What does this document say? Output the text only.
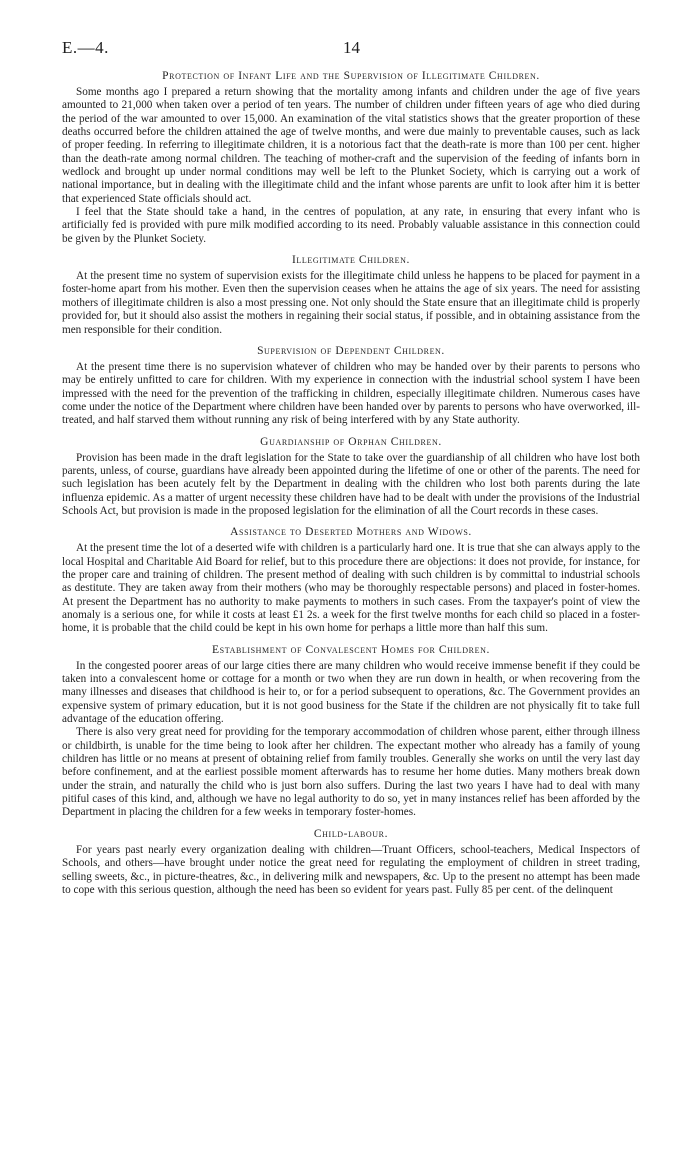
E.—4.	14
Protection of Infant Life and the Supervision of Illegitimate Children.

Some months ago I prepared a return showing that the mortality among infants and children under the age of five years amounted to 21,000 when taken over a period of ten years. The number of children under fifteen years of age who died during the period of the war amounted to over 15,000. An examination of the vital statistics shows that the greater proportion of these deaths occurred before the children attained the age of twelve months, and were due mainly to preventable causes, such as lack of proper feeding. In referring to illegitimate children, it is a notorious fact that the death-rate is more than 100 per cent. higher than the death-rate among normal children. The teaching of mother-craft and the supervision of the feeding of infants born in wedlock and brought up under normal conditions may well be left to the Plunket Society, which is carrying out a work of national importance, but in dealing with the illegitimate child and the infant whose parents are unfit to look after him it is better that experienced State officials should act.

I feel that the State should take a hand, in the centres of population, at any rate, in ensuring that every infant who is artificially fed is provided with pure milk modified according to its need. Probably valuable assistance in this connection could be given by the Plunket Society.

Illegitimate Children.

At the present time no system of supervision exists for the illegitimate child unless he happens to be placed for payment in a foster-home apart from his mother. Even then the supervision ceases when he attains the age of six years. The need for assisting mothers of illegitimate children is also a most pressing one. Not only should the State ensure that an illegitimate child is properly provided for, but it should also assist the mothers in regaining their social status, if possible, and in obtaining assistance from the men responsible for their condition.

Supervision of Dependent Children.

At the present time there is no supervision whatever of children who may be handed over by their parents to persons who may be entirely unfitted to care for children. With my experience in connection with the industrial school system I have been impressed with the need for the prevention of the trafficking in children, especially illegitimate children. Numerous cases have come under the notice of the Department where children have been handed over by parents to persons who have overworked, ill-treated, and half starved them without running any risk of being interfered with by any State authority.

Guardianship of Orphan Children.

Provision has been made in the draft legislation for the State to take over the guardianship of all children who have lost both parents, unless, of course, guardians have already been appointed during the lifetime of one or other of the parents. The need for such legislation has been acutely felt by the Department in dealing with the children who lost both parents during the late influenza epidemic. As a matter of urgent necessity these children have had to be dealt with under the provisions of the Industrial Schools Act, but provision is made in the proposed legislation for the elimination of all the Court records in these cases.

Assistance to Deserted Mothers and Widows.

At the present time the lot of a deserted wife with children is a particularly hard one. It is true that she can always apply to the local Hospital and Charitable Aid Board for relief, but to this procedure there are objections: it does not provide, for instance, for the proper care and training of children. The present method of dealing with such children is by committal to industrial schools as destitute. They are taken away from their mothers (who may be thoroughly respectable persons) and placed in foster-homes. At present the Department has no authority to make payments to mothers in such cases. From the taxpayer's point of view the anomaly is a serious one, for while it costs at least £1 2s. a week for the first twelve months for each child so placed in a foster-home, it is probable that the child could be kept in his own home for perhaps a little more than half this sum.

Establishment of Convalescent Homes for Children.

In the congested poorer areas of our large cities there are many children who would receive immense benefit if they could be taken into a convalescent home or cottage for a month or two when they are run down in health, or when recovering from the many illnesses and diseases that childhood is heir to, or for a period subsequent to operations, &c. The Government provides an expensive system of primary education, but it is not good business for the State if the children are not physically fit to take full advantage of the education offering.

There is also very great need for providing for the temporary accommodation of children whose parent, either through illness or childbirth, is unable for the time being to look after her children. The expectant mother who already has a family of young children has little or no means at present of obtaining relief from family troubles. Generally she works on until the very last day before confinement, and at the earliest possible moment afterwards has to resume her home duties. Many mothers break down under the strain, and naturally the child who is just born also suffers. During the last two years I have had to deal with many pitiful cases of this kind, and, although we have no legal authority to do so, yet in many instances relief has been afforded by the Department in placing the children for a few weeks in temporary foster-homes.

Child-labour.

For years past nearly every organization dealing with children—Truant Officers, school-teachers, Medical Inspectors of Schools, and others—have brought under notice the great need for regulating the employment of children in street trading, selling sweets, &c., in picture-theatres, &c., in delivering milk and newspapers, &c. Up to the present no attempt has been made to cope with this serious question, although the need has been so evident for years past. Fully 85 per cent. of the delinquent
